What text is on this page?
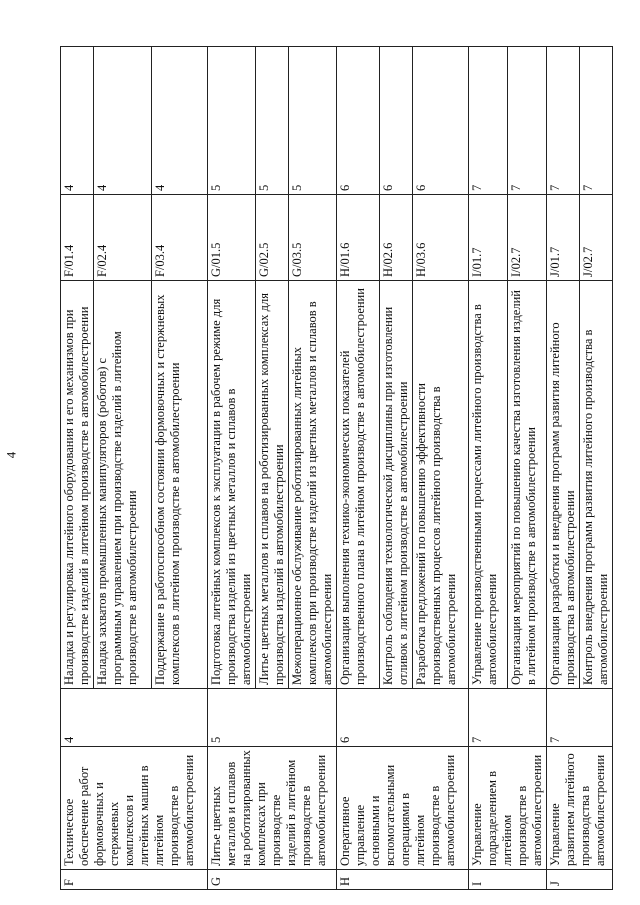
4
F	Техническое обеспечение работ формовочных и стержневых комплексов и литейных машин в литейном производстве в автомобилестроении	4	Наладка и регулировка литейного оборудования и его механизмов при производстве изделий в литейном производстве в автомобилестроении	F/01.4	4
			Наладка захватов промышленных манипуляторов (роботов) с программным управлением при производстве изделий в литейном производстве в автомобилестроении	F/02.4	4
			Поддержание в работоспособном состоянии формовочных и стержневых комплексов в литейном производстве в автомобилестроении	F/03.4	4
G	Литье цветных металлов и сплавов на роботизированных комплексах при производстве изделий в литейном производстве в автомобилестроении	5	Подготовка литейных комплексов к эксплуатации в рабочем режиме для производства изделий из цветных металлов и сплавов в автомобилестроении	G/01.5	5
			Литье цветных металлов и сплавов на роботизированных комплексах для производства изделий в автомобилестроении	G/02.5	5
			Межоперационное обслуживание роботизированных литейных комплексов при производстве изделий из цветных металлов и сплавов в автомобилестроении	G/03.5	5
H	Оперативное управление основными и вспомогательными операциями в литейном производстве в автомобилестроении	6	Организация выполнения технико-экономических показателей производственного плана в литейном производстве в автомобилестроении	H/01.6	6
			Контроль соблюдения технологической дисциплины при изготовлении отливок в литейном производстве в автомобилестроении	H/02.6	6
			Разработка предложений по повышению эффективности производственных процессов литейного производства в автомобилестроении	H/03.6	6
I	Управление подразделением в литейном производстве в автомобилестроении	7	Управление производственными процессами литейного производства в автомобилестроении	I/01.7	7
			Организация мероприятий по повышению качества изготовления изделий в литейном производстве в автомобилестроении	I/02.7	7
J	Управление развитием литейного производства в автомобилестроении	7	Организация разработки и внедрения программ развития литейного производства в автомобилестроении	J/01.7	7
			Контроль внедрения программ развития литейного производства в автомобилестроении	J/02.7	7
